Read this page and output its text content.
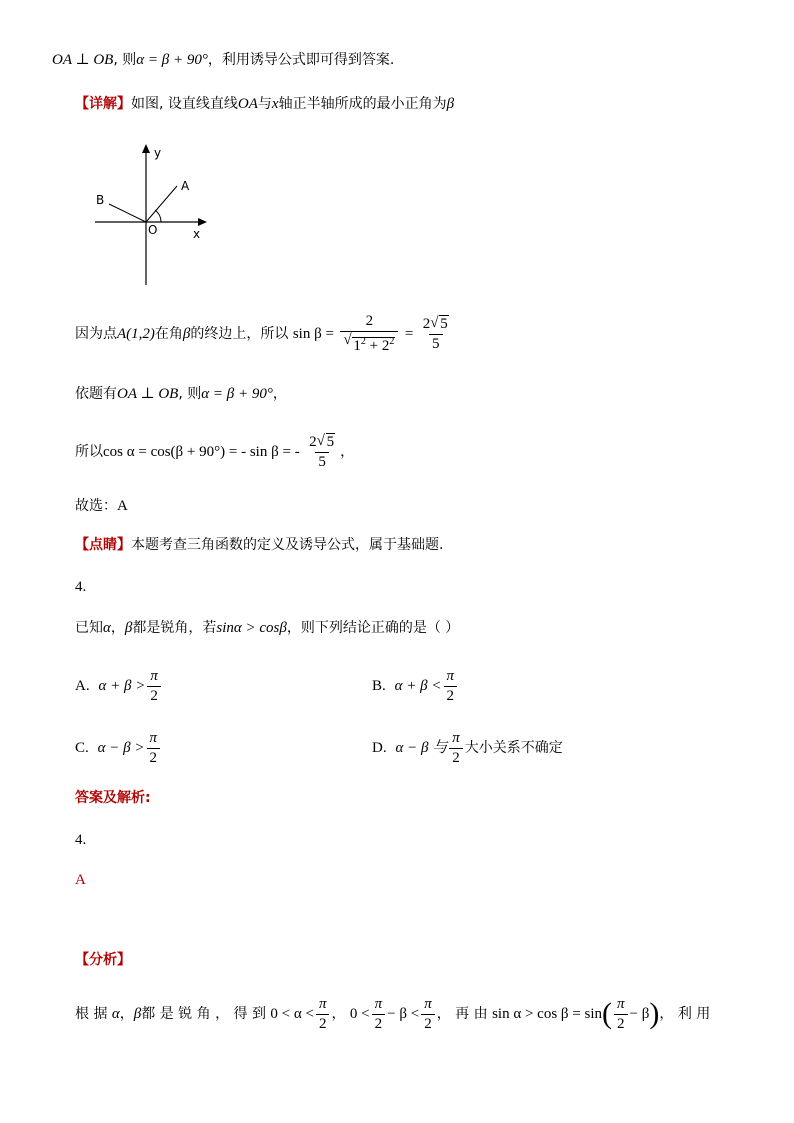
OA ⊥ OB, 则α = β + 90°，利用诱导公式即可得到答案.
【详解】如图, 设直线直线OA与x轴正半轴所成的最小正角为β
y
x
O
A
B
因为点A(1,2)在角β的终边上，所以 sin β = 2
√ $1^2 + 2^2 = \frac{2 √ 5}{5}$
依题有OA ⊥ OB, 则α = β + 90°，
所以cos α = cos(β + 90°) = - sin β = - $\frac{2 √ 5}{5}$ ，
故选：A
【点睛】本题考查三角函数的定义及诱导公式，属于基础题.
4.
已知α，β都是锐角，若sinα > cosβ，则下列结论正确的是（ ）
A. $\alpha + \beta > \frac{\pi}{2}$	B. $\alpha + \beta < \frac{\pi}{2}$
C. $\alpha - \beta > \frac{\pi}{2}$	D. α − β 与 $\frac{\pi}{2}$ 大小关系不确定
答案及解析:
4.
A
【分析】
根 据 α，β都 是 锐 角 ， 得 到 $0 < \alpha < \frac{\pi}{2}$ ， $0 < \frac{\pi}{2} - \beta < \frac{\pi}{2}$ ， 再 由 $\sin \alpha > \cos \beta = \sin( \frac{\pi}{2} - \beta)$， 利 用
